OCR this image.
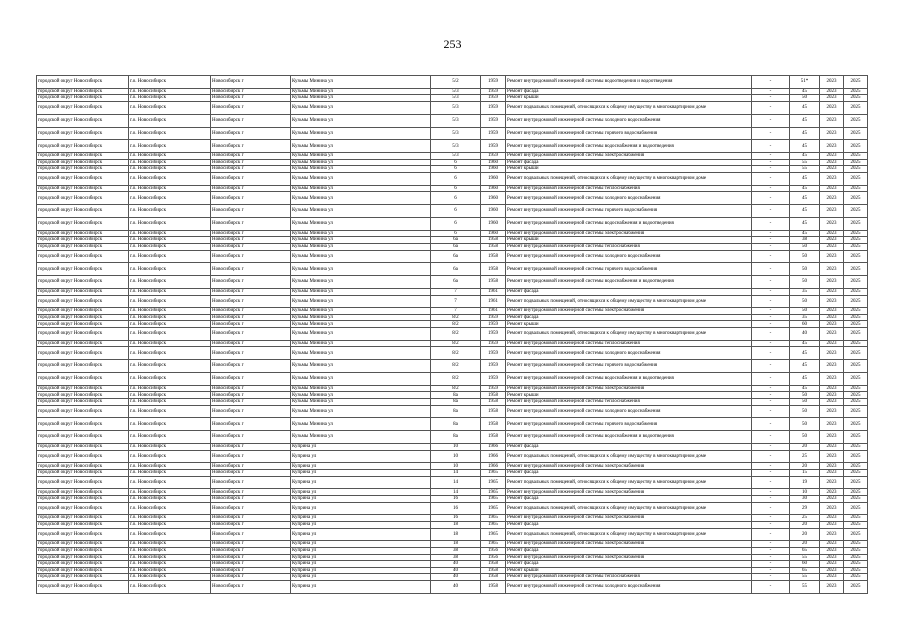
253
городской округ Новосибирск	г.о. Новосибирск	Новосибирск г	Кузьмы Минина ул	5/2	1959	Ремонт внутридомовой инженерной системы водоотведения и водоотведения	-	51*	2023	2025
городской округ Новосибирск	г.о. Новосибирск	Новосибирск г	Кузьмы Минина ул	5/3	1959	Ремонт фасада	-	45	2023	2025
городской округ Новосибирск	г.о. Новосибирск	Новосибирск г	Кузьмы Минина ул	5/3	1959	Ремонт крыши	-	50	2023	2025
городской округ Новосибирск	г.о. Новосибирск	Новосибирск г	Кузьмы Минина ул	5/3	1959	Ремонт подвальных помещений, относящихся к общему имуществу в многоквартирном доме	-	45	2023	2025
городской округ Новосибирск	г.о. Новосибирск	Новосибирск г	Кузьмы Минина ул	5/3	1959	Ремонт внутридомовой инженерной системы холодного водоснабжения	-	45	2023	2025
городской округ Новосибирск	г.о. Новосибирск	Новосибирск г	Кузьмы Минина ул	5/3	1959	Ремонт внутридомовой инженерной системы горячего водоснабжения	-	45	2023	2025
городской округ Новосибирск	г.о. Новосибирск	Новосибирск г	Кузьмы Минина ул	5/3	1959	Ремонт внутридомовой инженерной системы водоснабжения и водоотведения	-	45	2023	2025
городской округ Новосибирск	г.о. Новосибирск	Новосибирск г	Кузьмы Минина ул	5/3	1959	Ремонт внутридомовой инженерной системы электроснабжения	-	45	2023	2025
городской округ Новосибирск	г.о. Новосибирск	Новосибирск г	Кузьмы Минина ул	6	1960	Ремонт фасада	-	55	2023	2025
городской округ Новосибирск	г.о. Новосибирск	Новосибирск г	Кузьмы Минина ул	6	1960	Ремонт крыши	-	55	2023	2025
городской округ Новосибирск	г.о. Новосибирск	Новосибирск г	Кузьмы Минина ул	6	1960	Ремонт подвальных помещений, относящихся к общему имуществу в многоквартирном доме	-	45	2023	2025
городской округ Новосибирск	г.о. Новосибирск	Новосибирск г	Кузьмы Минина ул	6	1960	Ремонт внутридомовой инженерной системы теплоснабжения	-	45	2023	2025
городской округ Новосибирск	г.о. Новосибирск	Новосибирск г	Кузьмы Минина ул	6	1960	Ремонт внутридомовой инженерной системы холодного водоснабжения	-	45	2023	2025
городской округ Новосибирск	г.о. Новосибирск	Новосибирск г	Кузьмы Минина ул	6	1960	Ремонт внутридомовой инженерной системы горячего водоснабжения	-	45	2023	2025
городской округ Новосибирск	г.о. Новосибирск	Новосибирск г	Кузьмы Минина ул	6	1960	Ремонт внутридомовой инженерной системы водоснабжения и водоотведения	-	45	2023	2025
городской округ Новосибирск	г.о. Новосибирск	Новосибирск г	Кузьмы Минина ул	6	1960	Ремонт внутридомовой инженерной системы электроснабжения	-	45	2023	2025
городской округ Новосибирск	г.о. Новосибирск	Новосибирск г	Кузьмы Минина ул	6а	1958	Ремонт крыши	-	38	2023	2025
городской округ Новосибирск	г.о. Новосибирск	Новосибирск г	Кузьмы Минина ул	6а	1958	Ремонт внутридомовой инженерной системы теплоснабжения	-	50	2023	2025
городской округ Новосибирск	г.о. Новосибирск	Новосибирск г	Кузьмы Минина ул	6а	1958	Ремонт внутридомовой инженерной системы холодного водоснабжения	-	50	2023	2025
городской округ Новосибирск	г.о. Новосибирск	Новосибирск г	Кузьмы Минина ул	6а	1958	Ремонт внутридомовой инженерной системы горячего водоснабжения	-	50	2023	2025
городской округ Новосибирск	г.о. Новосибирск	Новосибирск г	Кузьмы Минина ул	6а	1958	Ремонт внутридомовой инженерной системы водоснабжения и водоотведения	-	50	2023	2025
городской округ Новосибирск	г.о. Новосибирск	Новосибирск г	Кузьмы Минина ул	7	1961	Ремонт фасада	-	35	2023	2025
городской округ Новосибирск	г.о. Новосибирск	Новосибирск г	Кузьмы Минина ул	7	1961	Ремонт подвальных помещений, относящихся к общему имуществу в многоквартирном доме	-	50	2023	2025
городской округ Новосибирск	г.о. Новосибирск	Новосибирск г	Кузьмы Минина ул	7	1961	Ремонт внутридомовой инженерной системы электроснабжения	-	50	2023	2025
городской округ Новосибирск	г.о. Новосибирск	Новосибирск г	Кузьмы Минина ул	8/2	1959	Ремонт фасада	-	35	2023	2025
городской округ Новосибирск	г.о. Новосибирск	Новосибирск г	Кузьмы Минина ул	8/2	1959	Ремонт крыши	-	60	2023	2025
городской округ Новосибирск	г.о. Новосибирск	Новосибирск г	Кузьмы Минина ул	8/2	1959	Ремонт подвальных помещений, относящихся к общему имуществу в многоквартирном доме	-	40	2023	2025
городской округ Новосибирск	г.о. Новосибирск	Новосибирск г	Кузьмы Минина ул	8/2	1959	Ремонт внутридомовой инженерной системы теплоснабжения	-	45	2023	2025
городской округ Новосибирск	г.о. Новосибирск	Новосибирск г	Кузьмы Минина ул	8/2	1959	Ремонт внутридомовой инженерной системы холодного водоснабжения	-	45	2023	2025
городской округ Новосибирск	г.о. Новосибирск	Новосибирск г	Кузьмы Минина ул	8/2	1959	Ремонт внутридомовой инженерной системы горячего водоснабжения	-	45	2023	2025
городской округ Новосибирск	г.о. Новосибирск	Новосибирск г	Кузьмы Минина ул	8/2	1959	Ремонт внутридомовой инженерной системы водоснабжения и водоотведения	-	45	2023	2025
городской округ Новосибирск	г.о. Новосибирск	Новосибирск г	Кузьмы Минина ул	8/2	1959	Ремонт внутридомовой инженерной системы электроснабжения	-	45	2023	2025
городской округ Новосибирск	г.о. Новосибирск	Новосибирск г	Кузьмы Минина ул	8а	1958	Ремонт крыши	-	50	2023	2025
городской округ Новосибирск	г.о. Новосибирск	Новосибирск г	Кузьмы Минина ул	8а	1958	Ремонт внутридомовой инженерной системы теплоснабжения	-	50	2023	2025
городской округ Новосибирск	г.о. Новосибирск	Новосибирск г	Кузьмы Минина ул	8а	1958	Ремонт внутридомовой инженерной системы холодного водоснабжения	-	50	2023	2025
городской округ Новосибирск	г.о. Новосибирск	Новосибирск г	Кузьмы Минина ул	8а	1958	Ремонт внутридомовой инженерной системы горячего водоснабжения	-	50	2023	2025
городской округ Новосибирск	г.о. Новосибирск	Новосибирск г	Кузьмы Минина ул	8а	1958	Ремонт внутридомовой инженерной системы водоснабжения и водоотведения	-	50	2023	2025
городской округ Новосибирск	г.о. Новосибирск	Новосибирск г	Куприна ул	10	1966	Ремонт фасада	-	20	2023	2025
городской округ Новосибирск	г.о. Новосибирск	Новосибирск г	Куприна ул	10	1966	Ремонт подвальных помещений, относящихся к общему имуществу в многоквартирном доме	-	25	2023	2025
городской округ Новосибирск	г.о. Новосибирск	Новосибирск г	Куприна ул	10	1966	Ремонт внутридомовой инженерной системы электроснабжения	-	20	2023	2025
городской округ Новосибирск	г.о. Новосибирск	Новосибирск г	Куприна ул	14	1965	Ремонт фасада	-	15	2023	2025
городской округ Новосибирск	г.о. Новосибирск	Новосибирск г	Куприна ул	14	1965	Ремонт подвальных помещений, относящихся к общему имуществу в многоквартирном доме	-	19	2023	2025
городской округ Новосибирск	г.о. Новосибирск	Новосибирск г	Куприна ул	14	1965	Ремонт внутридомовой инженерной системы электроснабжения	-	10	2023	2025
городской округ Новосибирск	г.о. Новосибирск	Новосибирск г	Куприна ул	16	1965	Ремонт фасада	-	30	2023	2025
городской округ Новосибирск	г.о. Новосибирск	Новосибирск г	Куприна ул	16	1965	Ремонт подвальных помещений, относящихся к общему имуществу в многоквартирном доме	-	29	2023	2025
городской округ Новосибирск	г.о. Новосибирск	Новосибирск г	Куприна ул	16	1965	Ремонт внутридомовой инженерной системы электроснабжения	-	25	2023	2025
городской округ Новосибирск	г.о. Новосибирск	Новосибирск г	Куприна ул	18	1965	Ремонт фасада	-	20	2023	2025
городской округ Новосибирск	г.о. Новосибирск	Новосибирск г	Куприна ул	18	1965	Ремонт подвальных помещений, относящихся к общему имуществу в многоквартирном доме	-	20	2023	2025
городской округ Новосибирск	г.о. Новосибирск	Новосибирск г	Куприна ул	18	1965	Ремонт внутридомовой инженерной системы электроснабжения	-	20	2023	2025
городской округ Новосибирск	г.о. Новосибирск	Новосибирск г	Куприна ул	38	1956	Ремонт фасада	-	65	2023	2025
городской округ Новосибирск	г.о. Новосибирск	Новосибирск г	Куприна ул	38	1956	Ремонт внутридомовой инженерной системы электроснабжения	-	55	2023	2025
городской округ Новосибирск	г.о. Новосибирск	Новосибирск г	Куприна ул	40	1958	Ремонт фасада	-	60	2023	2025
городской округ Новосибирск	г.о. Новосибирск	Новосибирск г	Куприна ул	40	1958	Ремонт крыши	-	65	2023	2025
городской округ Новосибирск	г.о. Новосибирск	Новосибирск г	Куприна ул	40	1958	Ремонт внутридомовой инженерной системы теплоснабжения	-	55	2023	2025
городской округ Новосибирск	г.о. Новосибирск	Новосибирск г	Куприна ул	40	1958	Ремонт внутридомовой инженерной системы холодного водоснабжения	-	55	2023	2025
